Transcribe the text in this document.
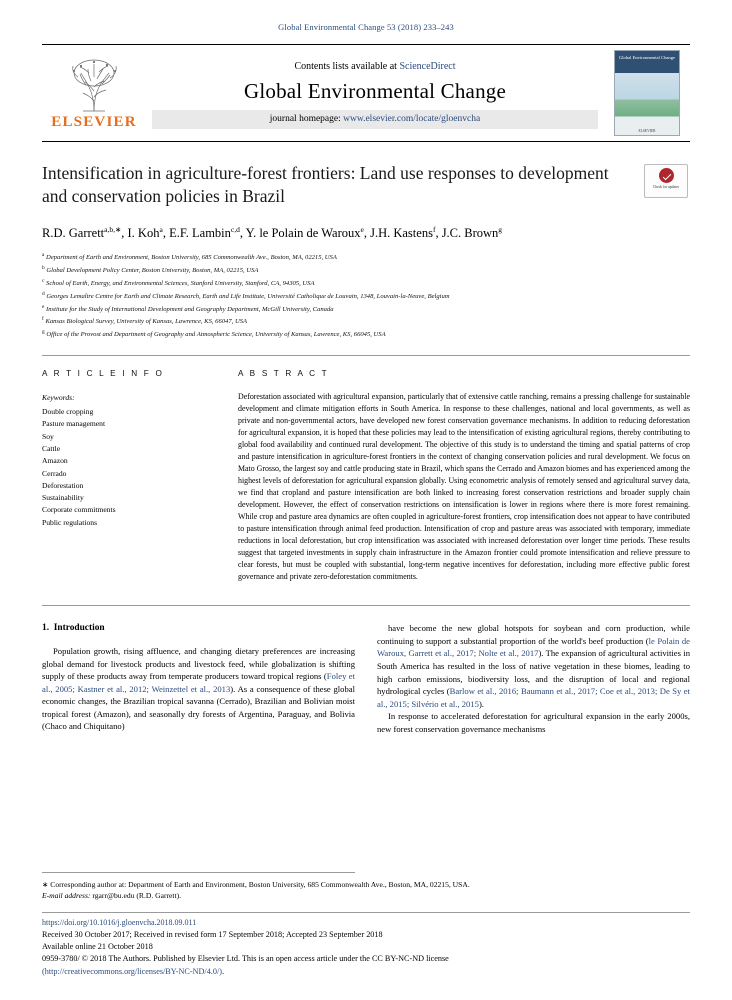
Global Environmental Change 53 (2018) 233–243
ELSEVIER
Contents lists available at ScienceDirect
Global Environmental Change
journal homepage: www.elsevier.com/locate/gloenvcha
Global Environmental Change
ELSEVIER
Intensification in agriculture-forest frontiers: Land use responses to development and conservation policies in Brazil	Check for updates
R.D. Garrett$^{a,b,∗}$, I. Koh$^a$, E.F. Lambin$^{c,d}$, Y. le Polain de Waroux$^e$, J.H. Kastens$^f$, J.C. Brown$^g$
$^a$ Department of Earth and Environment, Boston University, 685 Commonwealth Ave., Boston, MA, 02215, USA
$^b$ Global Development Policy Center, Boston University, Boston, MA, 02215, USA
$^c$ School of Earth, Energy, and Environmental Sciences, Stanford University, Stanford, CA, 94305, USA
$^d$ Georges Lemaître Centre for Earth and Climate Research, Earth and Life Institute, Université Catholique de Louvain, 1348, Louvain-la-Neuve, Belgium
$^e$ Institute for the Study of International Development and Geography Department, McGill University, Canada
$^f$ Kansas Biological Survey, University of Kansas, Lawrence, KS, 66047, USA
$^g$ Office of the Provost and Department of Geography and Atmospheric Science, University of Kansas, Lawrence, KS, 66045, USA
A R T I C L E I N F O
Keywords:
Double cropping
Pasture management
Soy
Cattle
Amazon
Cerrado
Deforestation
Sustainability
Corporate commitments
Public regulations
A B S T R A C T
Deforestation associated with agricultural expansion, particularly that of extensive cattle ranching, remains a pressing challenge for sustainable development and climate mitigation efforts in South America. In response to these challenges, national and local governments, as well as private and non-governmental actors, have developed new forest conservation governance mechanisms. In addition to reducing deforestation for agricultural expansion, it is hoped that these policies may lead to the intensification of existing agricultural regions, thereby contributing to global food availability and continued rural development. The objective of this study is to understand the timing and spatial patterns of crop and pasture intensification in agriculture-forest frontiers in the context of changing conservation policies and rural development. We focus on Mato Grosso, the largest soy and cattle producing state in Brazil, which spans the Cerrado and Amazon biomes and has experienced among the highest levels of deforestation for agricultural expansion globally. Using econometric analysis of remotely sensed and agricultural survey data, we find that cropland and pasture intensification are both linked to increasing forest conservation restrictions and broader supply chain development. However, the effect of conservation restrictions on intensification is lower in regions where there is more forest remaining. While crop and pasture area dynamics are often coupled in agriculture-forest frontiers, crop intensification does not appear to have contributed to pasture intensification through animal feed production. Intensification of crop and pasture areas was associated with temporary, immediate reductions in local deforestation, but crop intensification was associated with increased deforestation over longer time periods. These results suggest that targeted investments in supply chain infrastructure in the Amazon frontier could promote intensification and relieve pressure to clear forests, but must be coupled with substantial, long-term negative incentives for deforestation, including more effective public forest governance and private zero-deforestation commitments.
1. Introduction

Population growth, rising affluence, and changing dietary preferences are increasing global demand for livestock products and livestock feed, while globalization is shifting supply of these products away from temperate producers toward tropical regions (Foley et al., 2005; Kastner et al., 2012; Weinzettel et al., 2013). As a consequence of these global economic changes, the Brazilian tropical savanna (Cerrado), Brazilian and Bolivian moist tropical forest (Amazon), and seasonally dry forests of Argentina, Paraguay, and Bolivia (Chaco and Chiquitano)

have become the new global hotspots for soybean and corn production, while continuing to support a substantial proportion of the world's beef production (le Polain de Waroux, Garrett et al., 2017; Nolte et al., 2017). The expansion of agricultural activities in South America has resulted in the loss of native vegetation in these biomes, leading to high carbon emissions, biodiversity loss, and the disruption of local and regional hydrological cycles (Barlow et al., 2016; Baumann et al., 2017; Coe et al., 2013; De Sy et al., 2015; Silvério et al., 2015).

In response to accelerated deforestation for agricultural expansion in the early 2000s, new forest conservation governance mechanisms

∗ Corresponding author at: Department of Earth and Environment, Boston University, 685 Commonwealth Ave., Boston, MA, 02215, USA.
E-mail address: rgarr@bu.edu (R.D. Garrett).
https://doi.org/10.1016/j.gloenvcha.2018.09.011
Received 30 October 2017; Received in revised form 17 September 2018; Accepted 23 September 2018
Available online 21 October 2018
0959-3780/ © 2018 The Authors. Published by Elsevier Ltd. This is an open access article under the CC BY-NC-ND license
(http://creativecommons.org/licenses/BY-NC-ND/4.0/).
